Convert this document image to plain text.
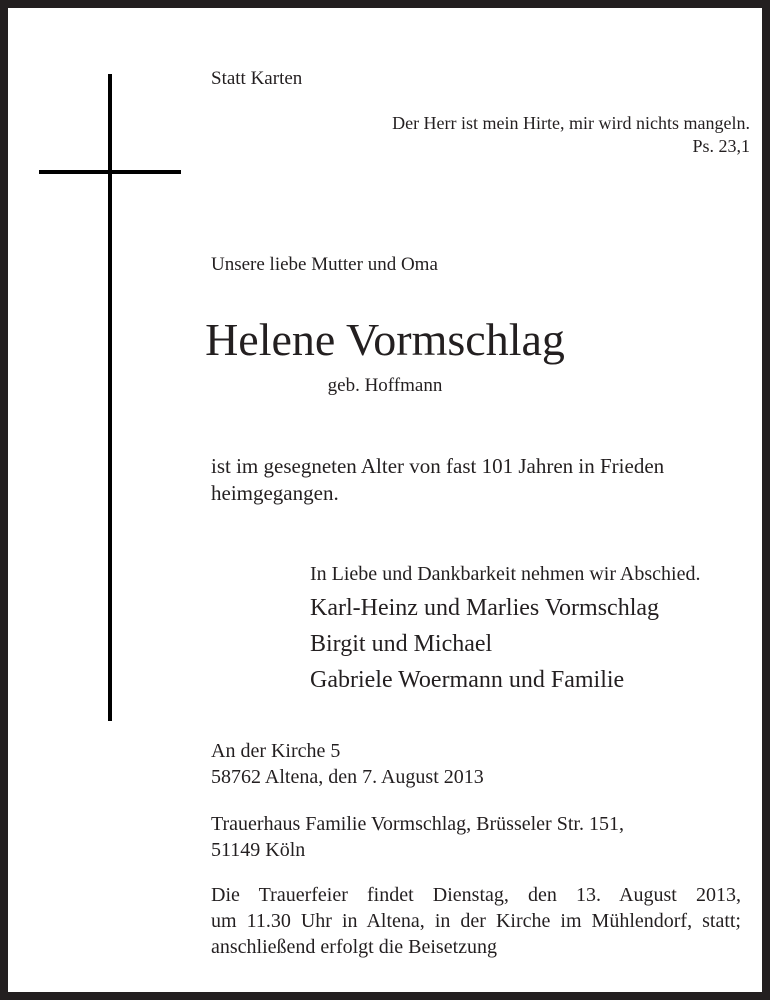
Statt Karten
Der Herr ist mein Hirte, mir wird nichts mangeln.
Ps. 23,1
Unsere liebe Mutter und Oma
Helene Vormschlag
geb. Hoffmann
ist im gesegneten Alter von fast 101 Jahren in Frieden
heimgegangen.
In Liebe und Dankbarkeit nehmen wir Abschied.
Karl-Heinz und Marlies Vormschlag
Birgit und Michael
Gabriele Woermann und Familie
An der Kirche 5
58762 Altena, den 7. August 2013
Trauerhaus Familie Vormschlag, Brüsseler Str. 151,
51149 Köln
Die Trauerfeier findet Dienstag, den 13. August 2013,
um 11.30 Uhr in Altena, in der Kirche im Mühlendorf, statt;
anschließend erfolgt die Beisetzung
